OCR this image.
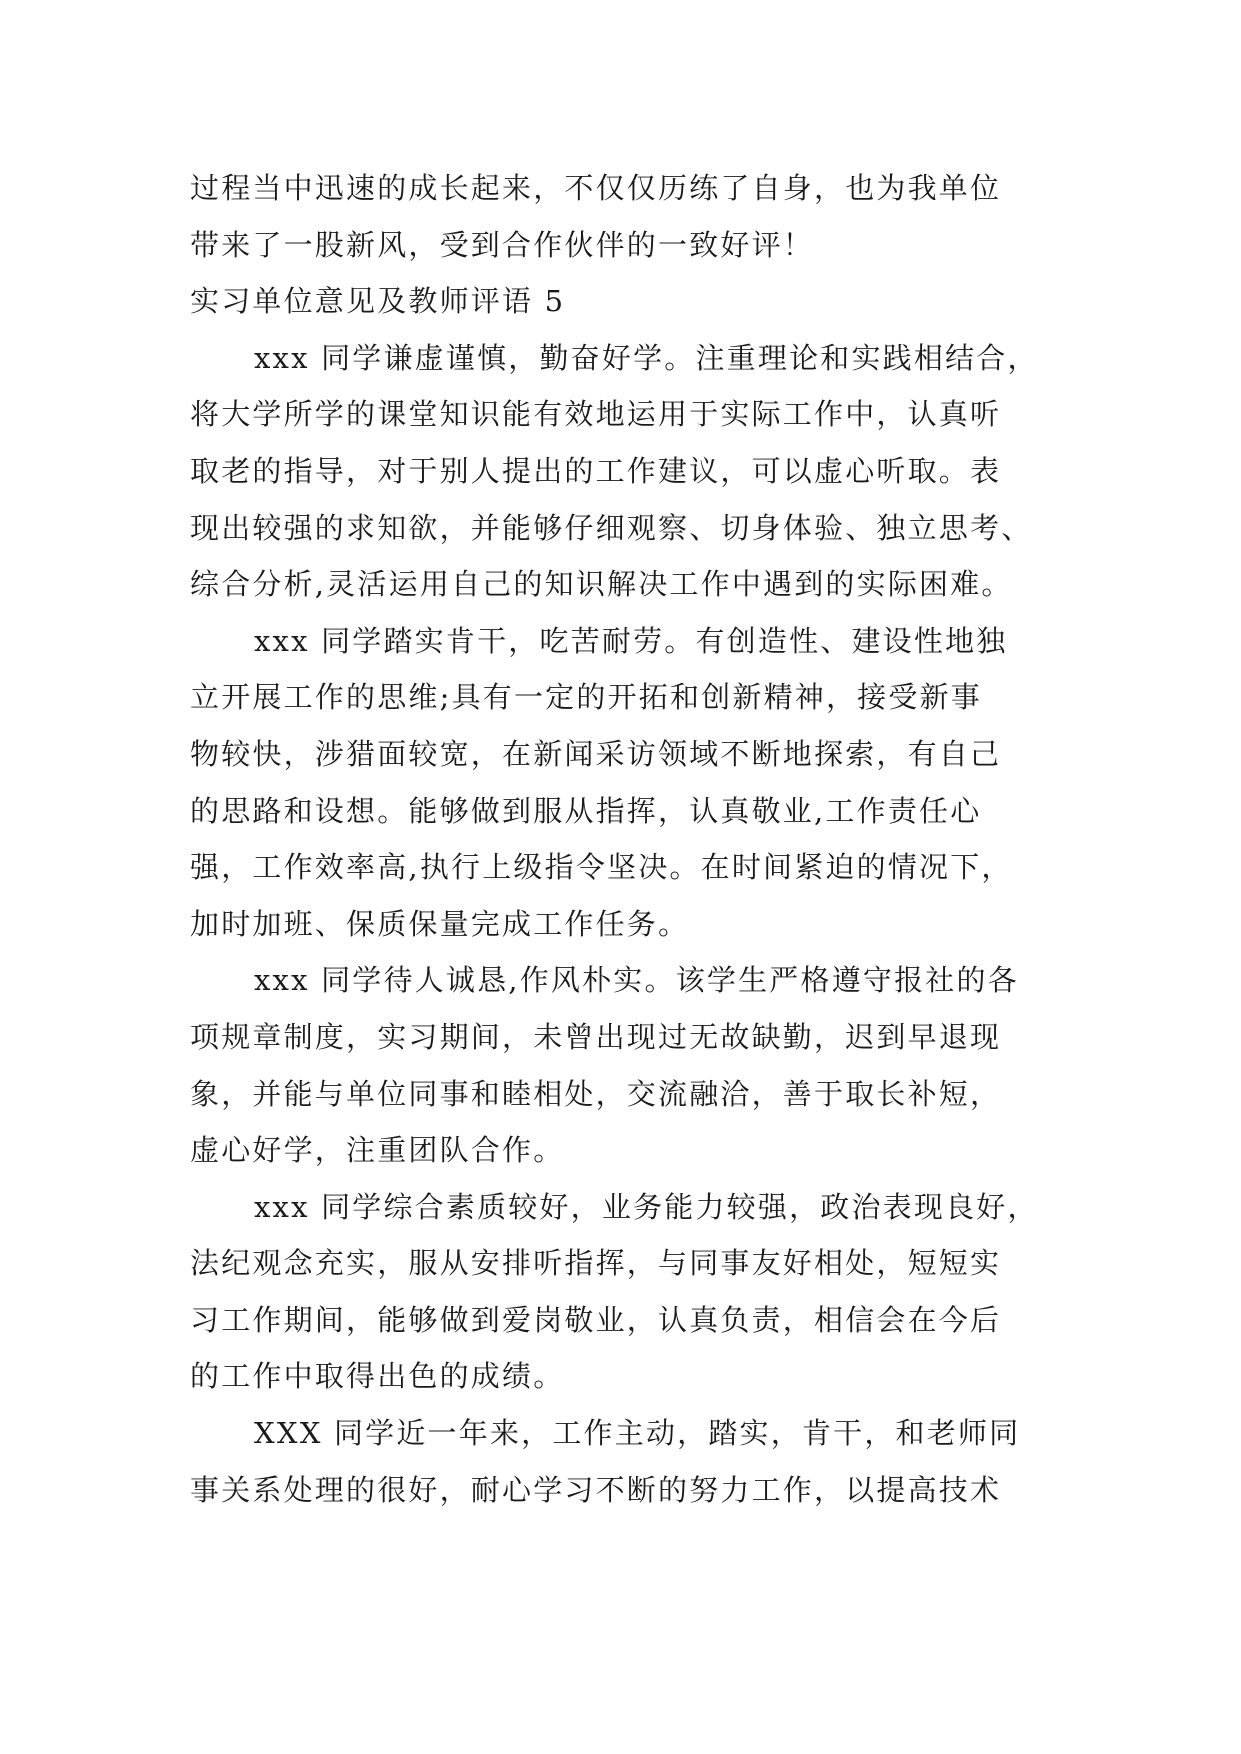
过程当中迅速的成长起来，不仅仅历练了自身，也为我单位
带来了一股新风，受到合作伙伴的一致好评！
实习单位意见及教师评语 5
xxx 同学谦虚谨慎，勤奋好学。注重理论和实践相结合，
将大学所学的课堂知识能有效地运用于实际工作中，认真听
取老的指导，对于别人提出的工作建议，可以虚心听取。表
现出较强的求知欲，并能够仔细观察、切身体验、独立思考、
综合分析,灵活运用自己的知识解决工作中遇到的实际困难。
xxx 同学踏实肯干，吃苦耐劳。有创造性、建设性地独
立开展工作的思维;具有一定的开拓和创新精神，接受新事
物较快，涉猎面较宽，在新闻采访领域不断地探索，有自己
的思路和设想。能够做到服从指挥，认真敬业,工作责任心
强，工作效率高,执行上级指令坚决。在时间紧迫的情况下，
加时加班、保质保量完成工作任务。
xxx 同学待人诚恳,作风朴实。该学生严格遵守报社的各
项规章制度，实习期间，未曾出现过无故缺勤，迟到早退现
象，并能与单位同事和睦相处，交流融洽，善于取长补短，
虚心好学，注重团队合作。
xxx 同学综合素质较好，业务能力较强，政治表现良好，
法纪观念充实，服从安排听指挥，与同事友好相处，短短实
习工作期间，能够做到爱岗敬业，认真负责，相信会在今后
的工作中取得出色的成绩。
XXX 同学近一年来，工作主动，踏实，肯干，和老师同
事关系处理的很好，耐心学习不断的努力工作，以提高技术
